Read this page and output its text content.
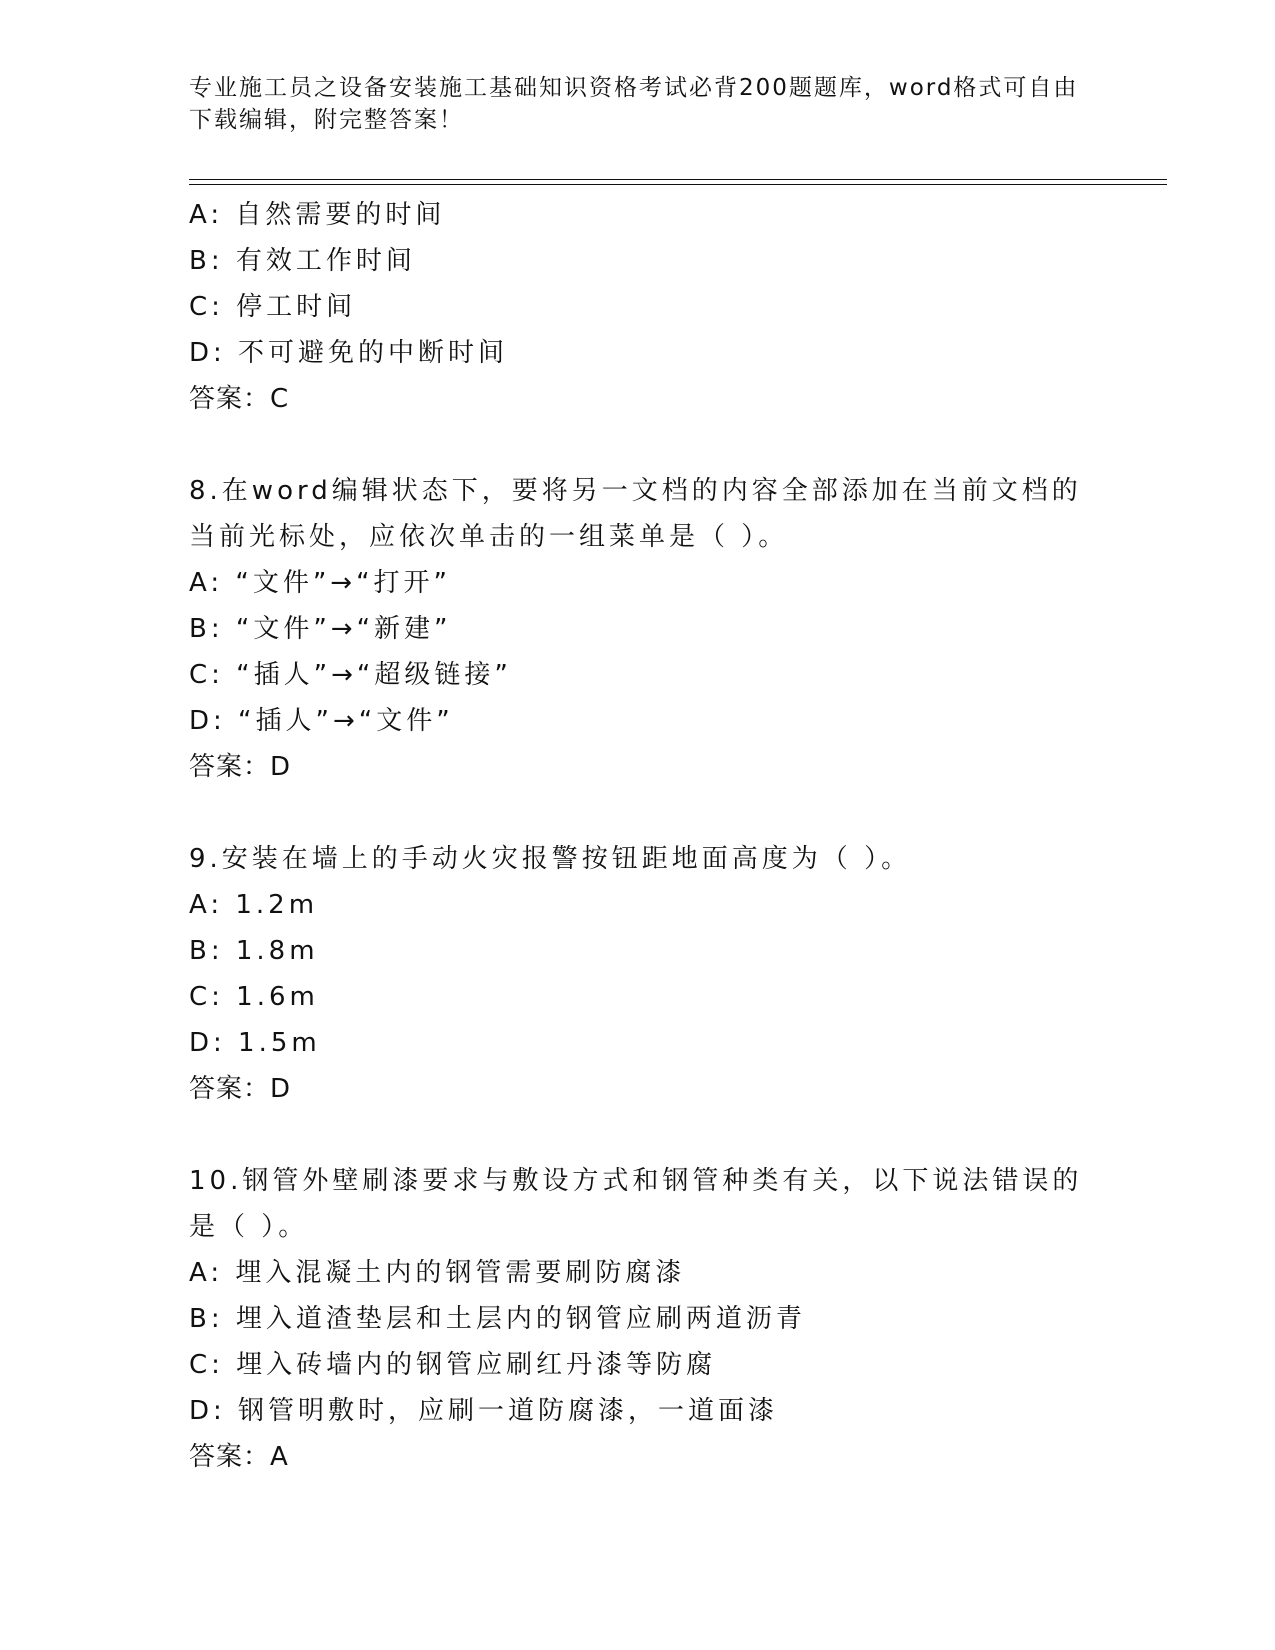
专业施工员之设备安装施工基础知识资格考试必背200题题库，word格式可自由下载编辑，附完整答案！
A: 自然需要的时间
B: 有效工作时间
C: 停工时间
D: 不可避免的中断时间
答案：C
8.在word编辑状态下，要将另一文档的内容全部添加在当前文档的当前光标处，应依次单击的一组菜单是（ ）。
A: “文件”→“打开”
B: “文件”→“新建”
C: “插人”→“超级链接”
D: “插人”→“文件”
答案：D
9.安装在墙上的手动火灾报警按钮距地面高度为（ ）。
A: 1.2m
B: 1.8m
C: 1.6m
D: 1.5m
答案：D
10.钢管外壁刷漆要求与敷设方式和钢管种类有关，以下说法错误的是（ ）。
A: 埋入混凝土内的钢管需要刷防腐漆
B: 埋入道渣垫层和土层内的钢管应刷两道沥青
C: 埋入砖墙内的钢管应刷红丹漆等防腐
D: 钢管明敷时，应刷一道防腐漆，一道面漆
答案：A
